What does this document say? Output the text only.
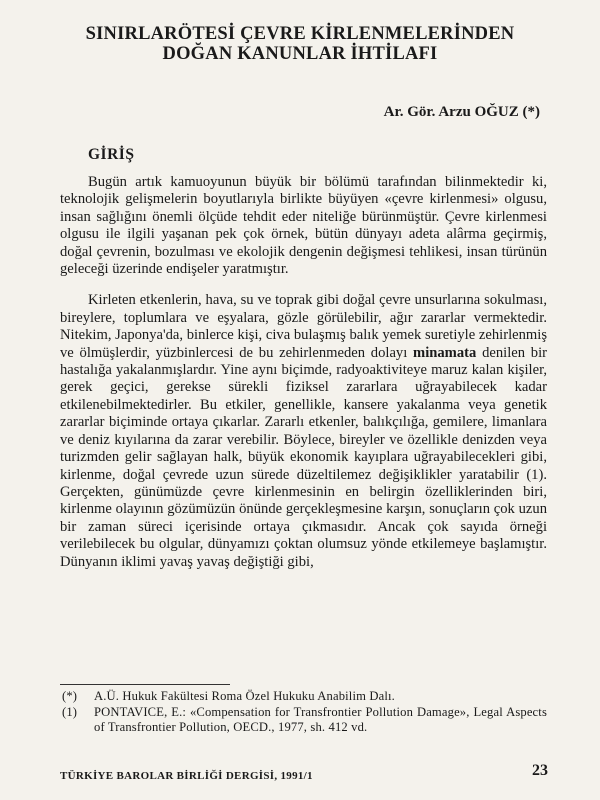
SINIRLARÖTESİ ÇEVRE KİRLENMELERİNDEN
DOĞAN KANUNLAR İHTİLAFI
Ar. Gör. Arzu OĞUZ (*)
GİRİŞ

Bugün artık kamuoyunun büyük bir bölümü tarafından bilinmektedir ki, teknolojik gelişmelerin boyutlarıyla birlikte büyüyen «çevre kirlenmesi» olgusu, insan sağlığını önemli ölçüde tehdit eder niteliğe bürünmüştür. Çevre kirlenmesi olgusu ile ilgili yaşanan pek çok örnek, bütün dünyayı adeta alârma geçirmiş, doğal çevrenin, bozulması ve ekolojik dengenin değişmesi tehlikesi, insan türünün geleceği üzerinde endişeler yaratmıştır.

Kirleten etkenlerin, hava, su ve toprak gibi doğal çevre unsurlarına sokulması, bireylere, toplumlara ve eşyalara, gözle görülebilir, ağır zararlar vermektedir. Nitekim, Japonya'da, binlerce kişi, civa bulaşmış balık yemek suretiyle zehirlenmiş ve ölmüşlerdir, yüzbinlercesi de bu zehirlenmeden dolayı minamata denilen bir hastalığa yakalanmışlardır. Yine aynı biçimde, radyoaktiviteye maruz kalan kişiler, gerek geçici, gerekse sürekli fiziksel zararlara uğrayabilecek kadar etkilenebilmektedirler. Bu etkiler, genellikle, kansere yakalanma veya genetik zararlar biçiminde ortaya çıkarlar. Zararlı etkenler, balıkçılığa, gemilere, limanlara ve deniz kıyılarına da zarar verebilir. Böylece, bireyler ve özellikle denizden veya turizmden gelir sağlayan halk, büyük ekonomik kayıplara uğrayabilecekleri gibi, kirlenme, doğal çevrede uzun sürede düzeltilemez değişiklikler yaratabilir (1). Gerçekten, günümüzde çevre kirlenmesinin en belirgin özelliklerinden biri, kirlenme olayının gözümüzün önünde gerçekleşmesine karşın, sonuçların çok uzun bir zaman süreci içerisinde ortaya çıkmasıdır. Ancak çok sayıda örneği verilebilecek bu olgular, dünyamızı çoktan olumsuz yönde etkilemeye başlamıştır. Dünyanın iklimi yavaş yavaş değiştiği gibi,

(*)	A.Ü. Hukuk Fakültesi Roma Özel Hukuku Anabilim Dalı.
(1)	PONTAVICE, E.: «Compensation for Transfrontier Pollution Damage», Legal Aspects of Transfrontier Pollution, OECD., 1977, sh. 412 vd.
TÜRKİYE BAROLAR BİRLİĞİ DERGİSİ, 1991/1	23
